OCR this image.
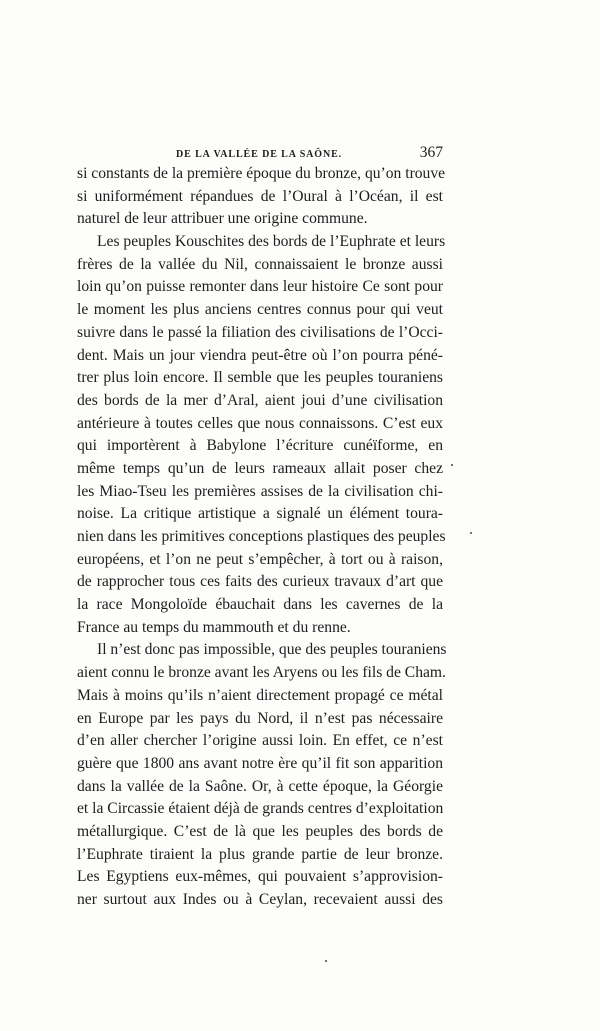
DE LA VALLÉE DE LA SAÔNE.	367
si constants de la première époque du bronze, qu’on trouve
si uniformément répandues de l’Oural à l’Océan, il est
naturel de leur attribuer une origine commune.
Les peuples Kouschites des bords de l’Euphrate et leurs
frères de la vallée du Nil, connaissaient le bronze aussi
loin qu’on puisse remonter dans leur histoire Ce sont pour
le moment les plus anciens centres connus pour qui veut
suivre dans le passé la filiation des civilisations de l’Occi-
dent. Mais un jour viendra peut-être où l’on pourra péné-
trer plus loin encore. Il semble que les peuples touraniens
des bords de la mer d’Aral, aient joui d’une civilisation
antérieure à toutes celles que nous connaissons. C’est eux
qui importèrent à Babylone l’écriture cunéïforme, en
même temps qu’un de leurs rameaux allait poser chez
les Miao-Tseu les premières assises de la civilisation chi-
noise. La critique artistique a signalé un élément toura-
nien dans les primitives conceptions plastiques des peuples
européens, et l’on ne peut s’empêcher, à tort ou à raison,
de rapprocher tous ces faits des curieux travaux d’art que
la race Mongoloïde ébauchait dans les cavernes de la
France au temps du mammouth et du renne.
Il n’est donc pas impossible, que des peuples touraniens
aient connu le bronze avant les Aryens ou les fils de Cham.
Mais à moins qu’ils n’aient directement propagé ce métal
en Europe par les pays du Nord, il n’est pas nécessaire
d’en aller chercher l’origine aussi loin. En effet, ce n’est
guère que 1800 ans avant notre ère qu’il fit son apparition
dans la vallée de la Saône. Or, à cette époque, la Géorgie
et la Circassie étaient déjà de grands centres d’exploitation
métallurgique. C’est de là que les peuples des bords de
l’Euphrate tiraient la plus grande partie de leur bronze.
Les Egyptiens eux-mêmes, qui pouvaient s’approvision-
ner surtout aux Indes ou à Ceylan, recevaient aussi des
